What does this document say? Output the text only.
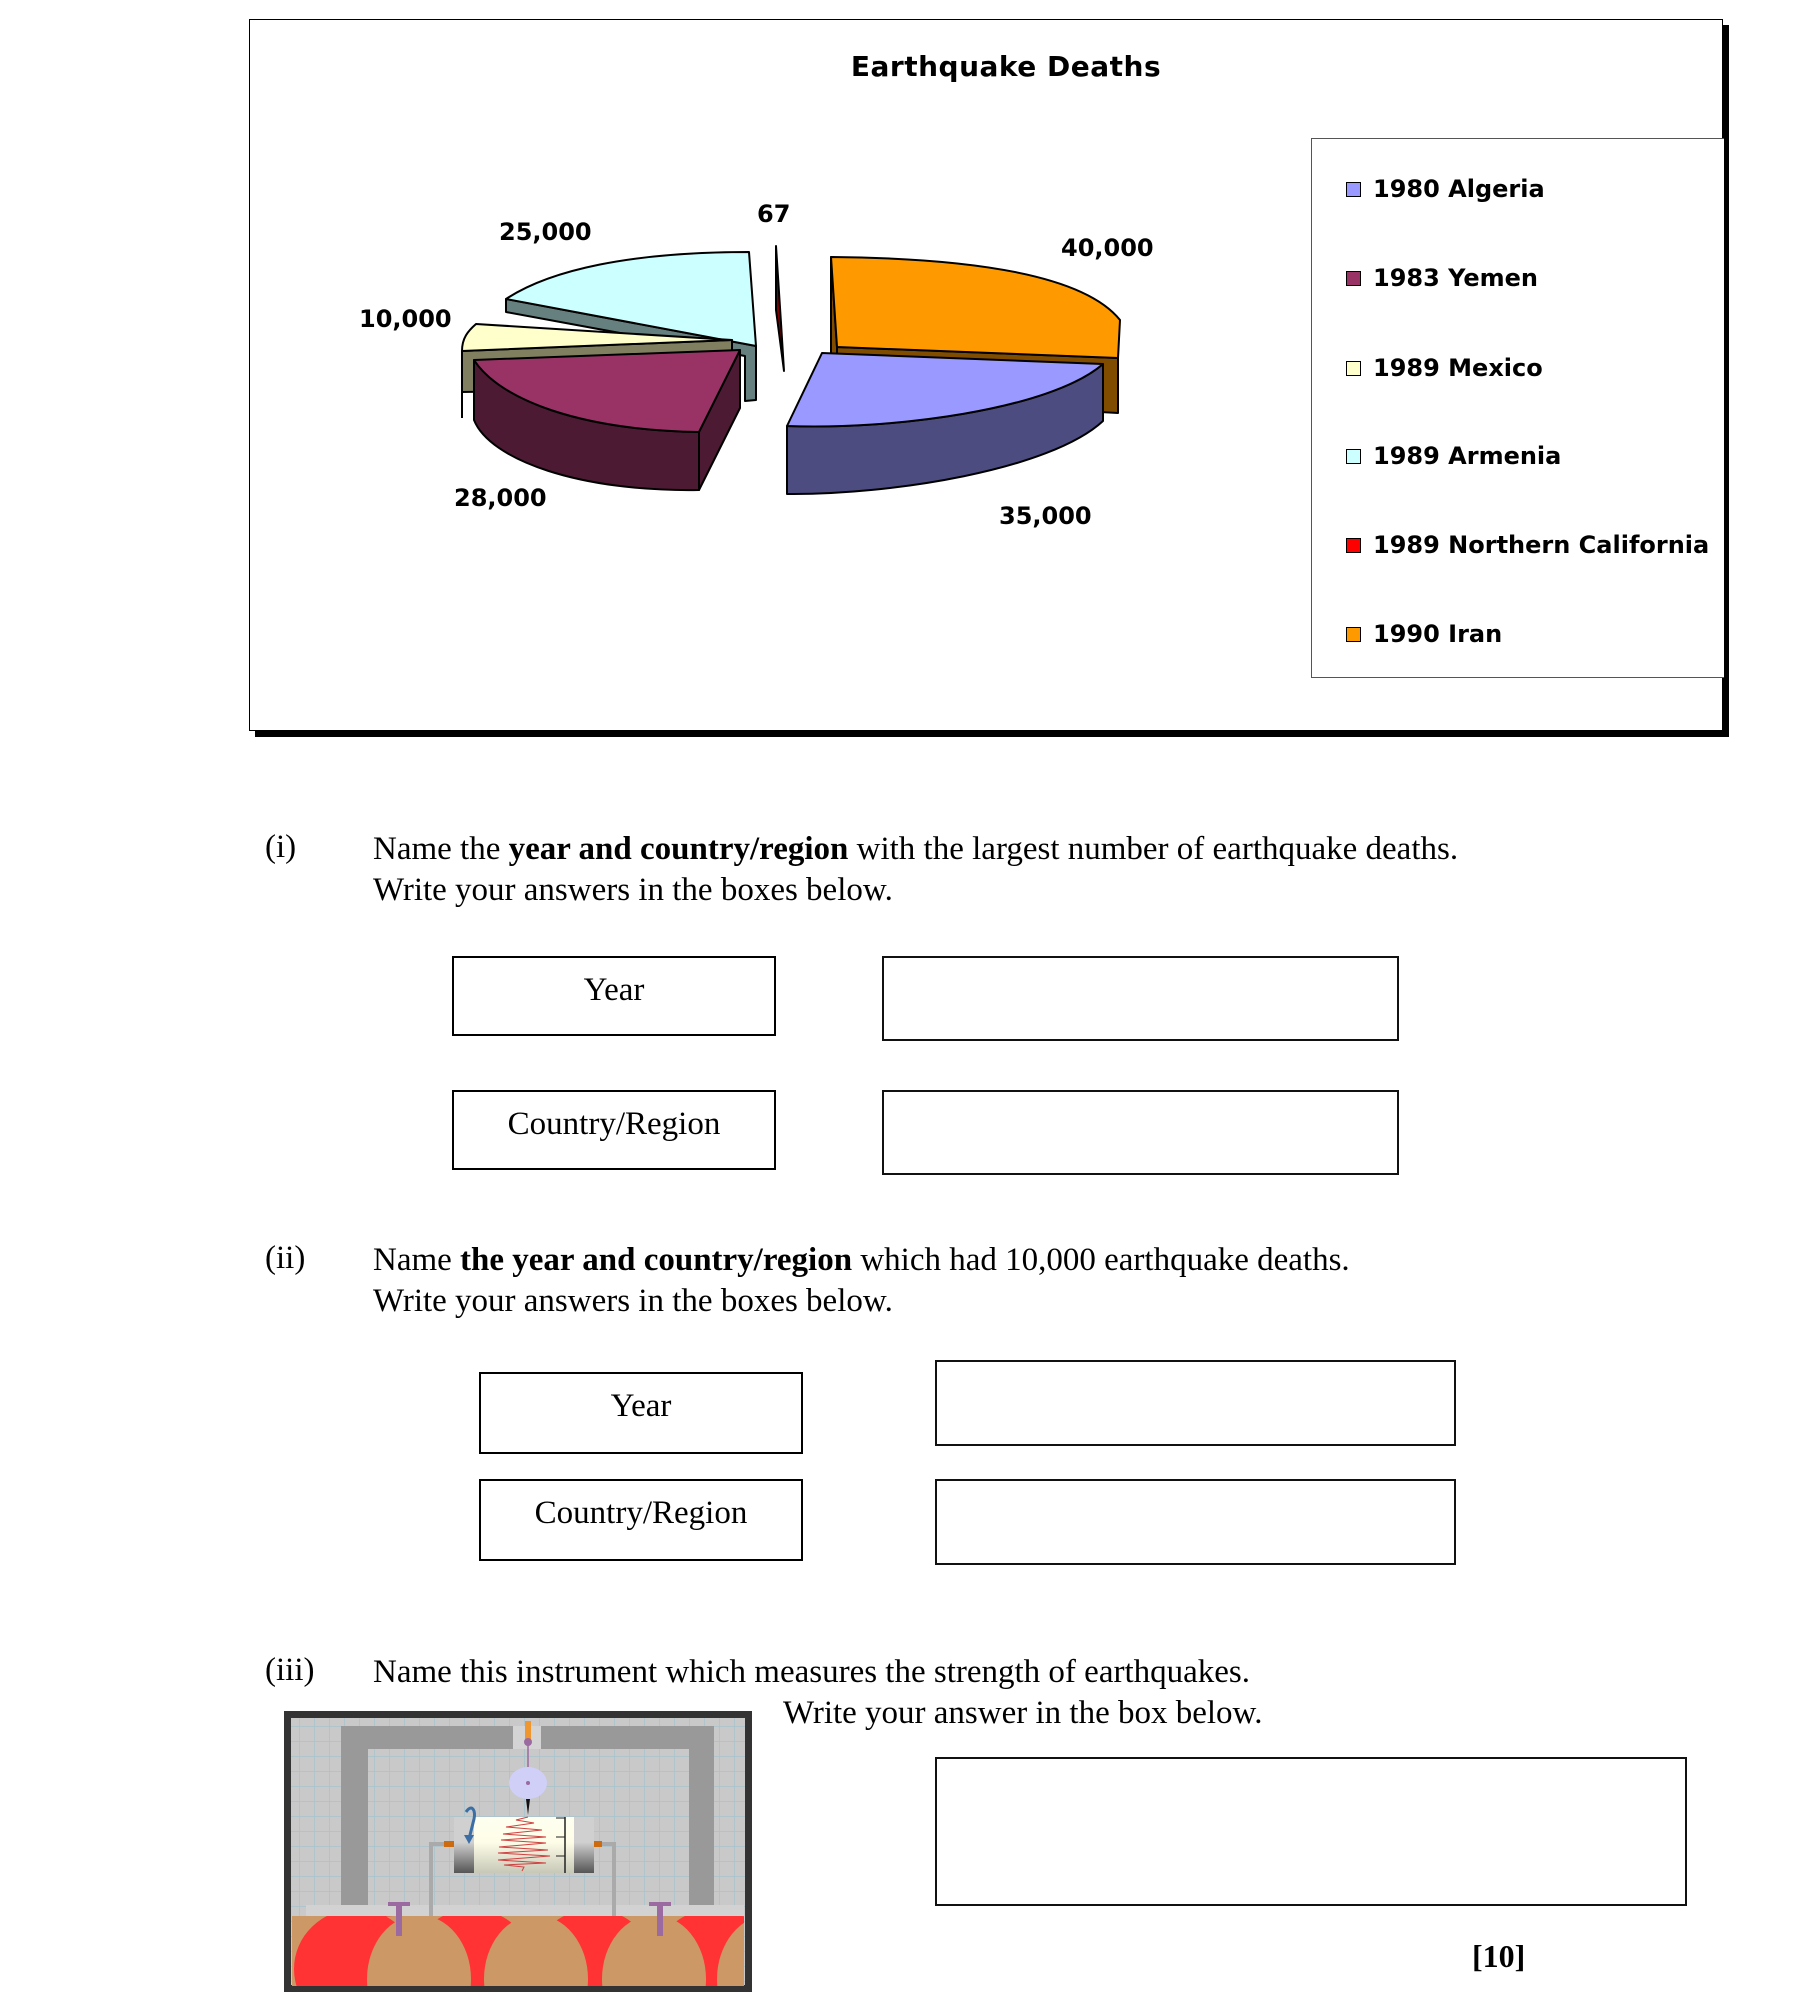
Earthquake Deaths
25,000
67
40,000
10,000
28,000
35,000
1980 Algeria
1983 Yemen
1989 Mexico
1989 Armenia
1989 Northern California
1990 Iran
(i) Name the year and country/region with the largest number of earthquake deaths.
Write your answers in the boxes below.
Year
Country/Region
(ii) Name the year and country/region which had 10,000 earthquake deaths.
Write your answers in the boxes below.
Year
Country/Region
(iii) Name this instrument which measures the strength of earthquakes.
Write your answer in the box below.
[10]
